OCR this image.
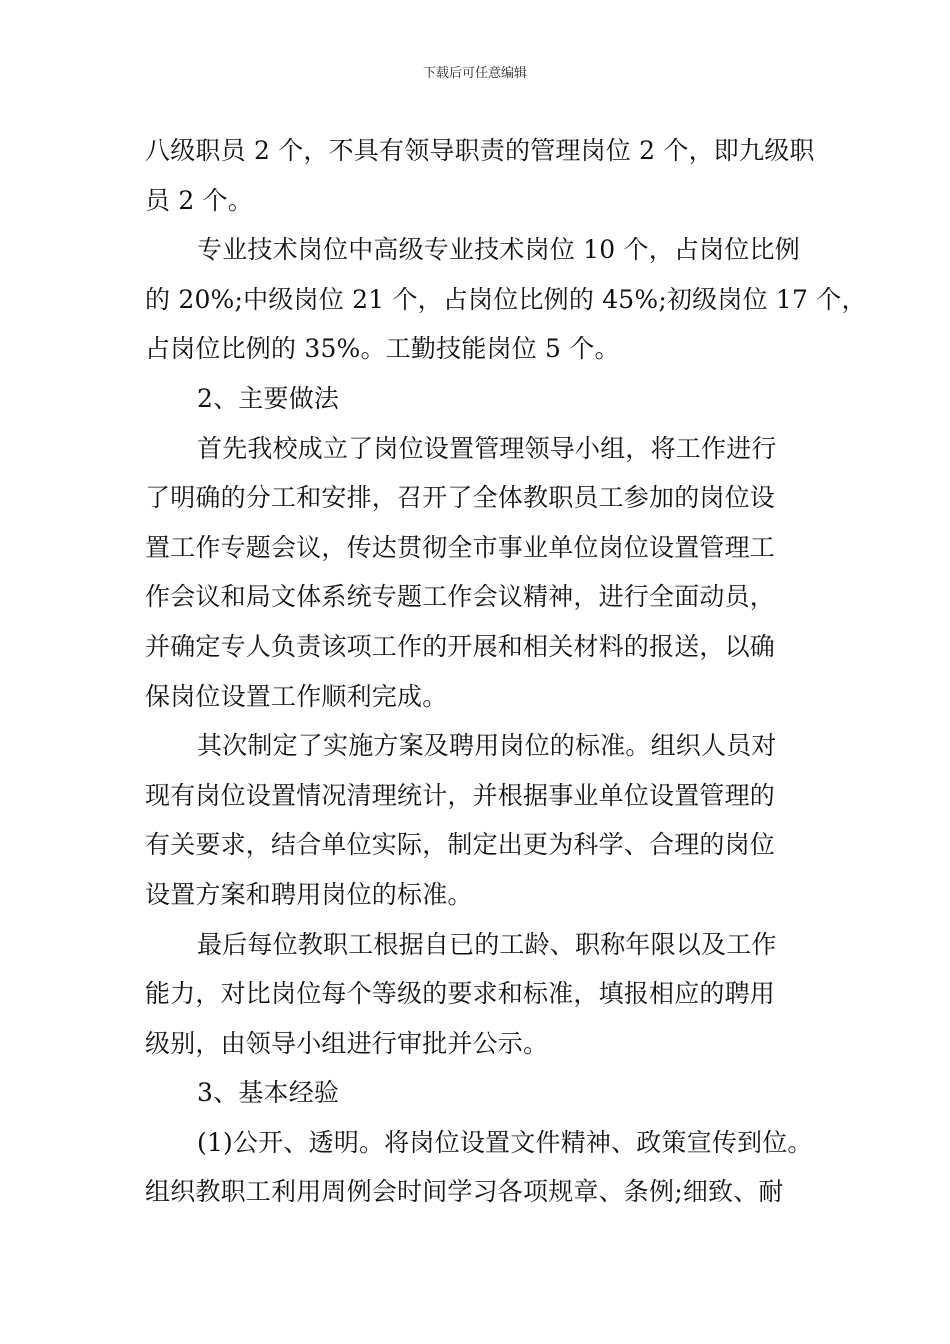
下载后可任意编辑
八级职员 2 个，不具有领导职责的管理岗位 2 个，即九级职
员 2 个。
专业技术岗位中高级专业技术岗位 10 个，占岗位比例
的 20%;中级岗位 21 个，占岗位比例的 45%;初级岗位 17 个，
占岗位比例的 35%。工勤技能岗位 5 个。
2、主要做法
首先我校成立了岗位设置管理领导小组，将工作进行
了明确的分工和安排，召开了全体教职员工参加的岗位设
置工作专题会议，传达贯彻全市事业单位岗位设置管理工
作会议和局文体系统专题工作会议精神，进行全面动员，
并确定专人负责该项工作的开展和相关材料的报送，以确
保岗位设置工作顺利完成。
其次制定了实施方案及聘用岗位的标准。组织人员对
现有岗位设置情况清理统计，并根据事业单位设置管理的
有关要求，结合单位实际，制定出更为科学、合理的岗位
设置方案和聘用岗位的标准。
最后每位教职工根据自已的工龄、职称年限以及工作
能力，对比岗位每个等级的要求和标准，填报相应的聘用
级别，由领导小组进行审批并公示。
3、基本经验
(1)公开、透明。将岗位设置文件精神、政策宣传到位。
组织教职工利用周例会时间学习各项规章、条例;细致、耐
